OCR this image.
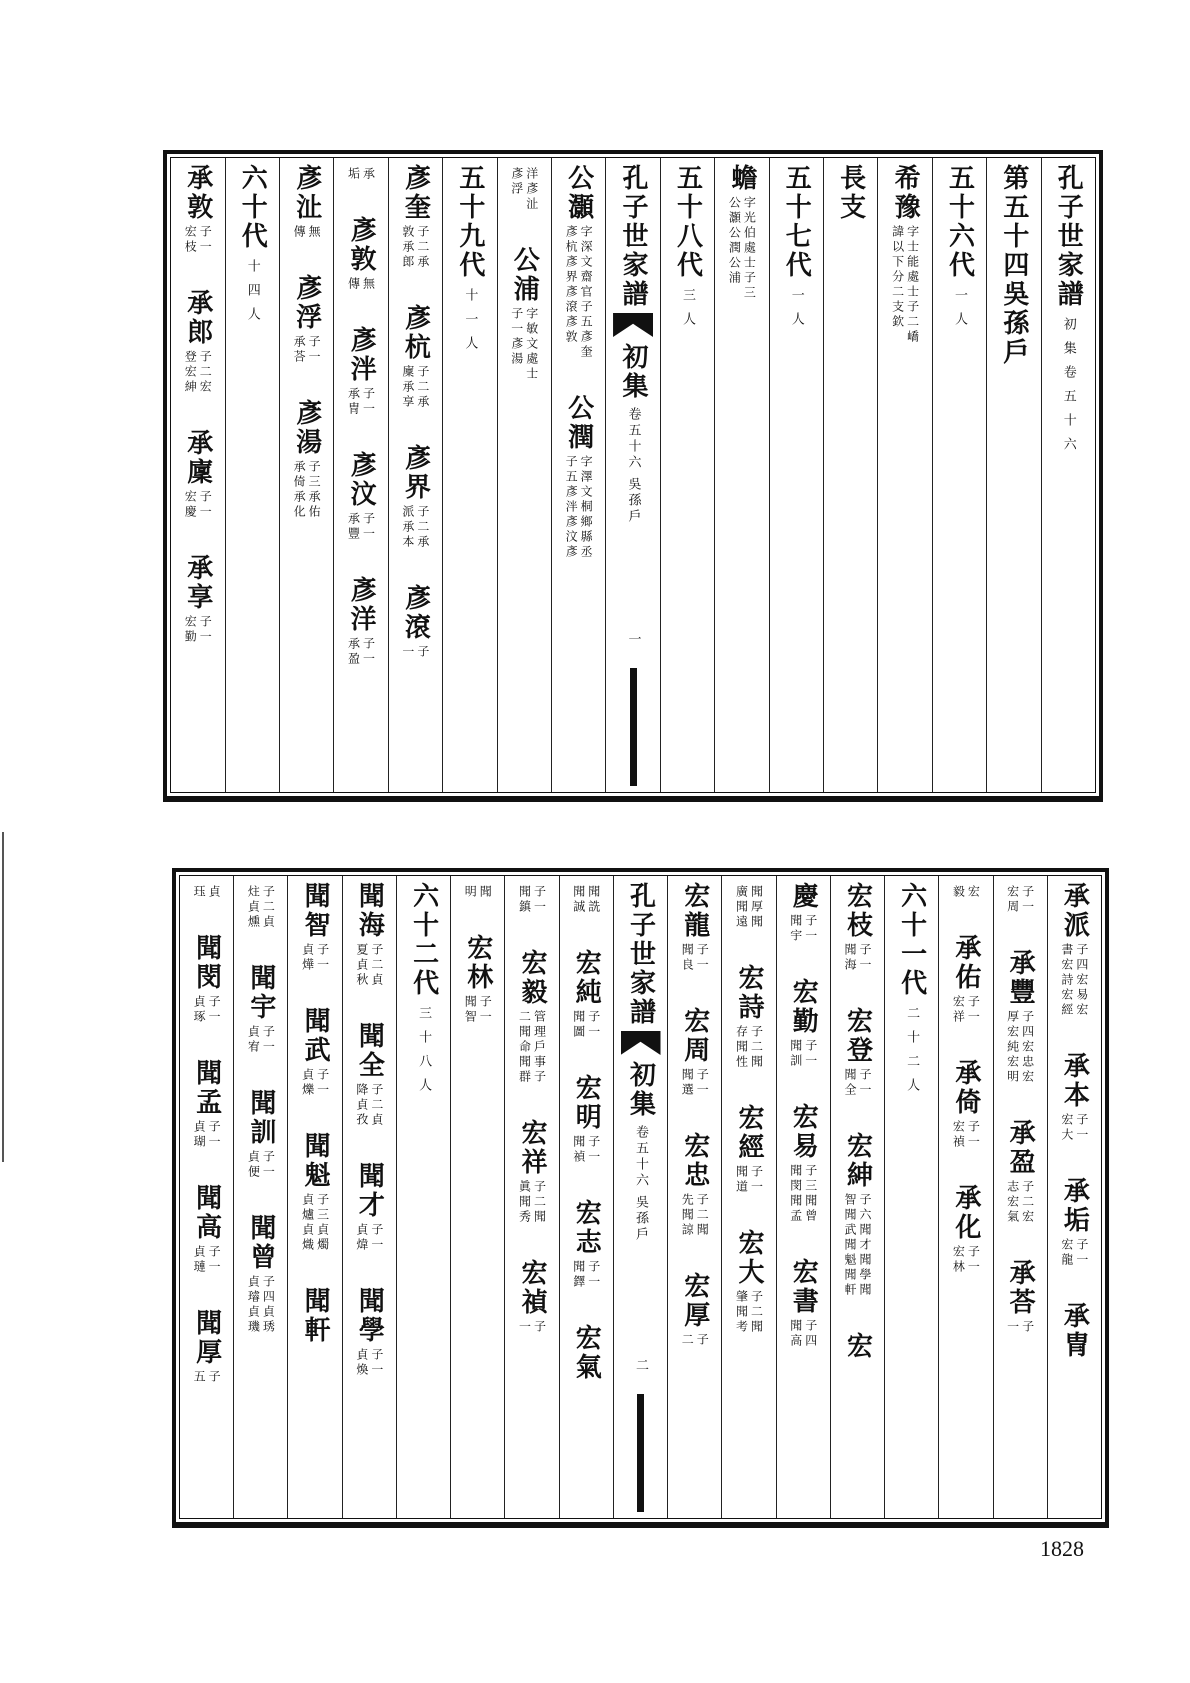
孔子世家譜
初集卷五十六
第五十四吳孫戶
五十六代
一人
希豫
字士能處士子二嶠
諱以下分二支欽
長支
五十七代
一人
蟾
字光伯處士子三
公灝公潤公浦
五十八代
三人
孔子世家譜
初集
卷五十六
吳孫戶
一
公灝
字深文齋官子五彥奎
彥杭彥界彥滾彥敦
公潤
字澤文桐鄉縣丞
子五彥泮彥汶彥
洋彥沚
彥浮
公浦
字敏文處士
子一彥湯
五十九代
十一人
彥奎
子二承
敦承郎
彥杭
子二承
廩承享
彥界
子二承
派承本
彥滾
子
一
承
垢
彥敦
無
傳
彥泮
子一
承冑
彥汶
子一
承豐
彥洋
子一
承盈
彥沚
無
傳
彥浮
子一
承荅
彥湯
子三承佑
承倚承化
六十代
十四人
承敦
子一
宏枝
承郎
子二宏
登宏紳
承廩
子一
宏慶
承享
子一
宏勤
承派
子四宏易宏
書宏詩宏經
承本
子一
宏大
承垢
子一
宏龍
承冑
子一
宏周
承豐
子四宏忠宏
厚宏純宏明
承盈
子二宏
志宏氣
承荅
子
一
宏
毅
承佑
子一
宏祥
承倚
子一
宏禎
承化
子一
宏林
六十一代
二十二人
宏枝
子一
聞海
宏登
子一
聞全
宏紳
子六聞才聞學聞
智聞武聞魁聞軒
宏
慶
子一
聞宇
宏勤
子一
聞訓
宏易
子三聞曾
聞閔聞孟
宏書
子四
聞高
聞厚聞
廣聞遠
宏詩
子二聞
存聞性
宏經
子一
聞道
宏大
子二聞
肇聞考
宏龍
子一
聞良
宏周
子一
聞選
宏忠
子二聞
先聞諒
宏厚
子
二
孔子世家譜
初集
卷五十六
吳孫戶
二
聞詵
聞誠
宏純
子一
聞圖
宏明
子一
聞禎
宏志
子一
聞鐸
宏氣
子一
聞鎮
宏毅
管理戶事子
二聞命聞群
宏祥
子二聞
眞聞秀
宏禎
子
一
聞
明
宏林
子一
聞智
六十二代
三十八人
聞海
子二貞
夏貞秋
聞全
子二貞
降貞孜
聞才
子一
貞煒
聞學
子一
貞煥
聞智
子一
貞燁
聞武
子一
貞爍
聞魁
子三貞燭
貞爐貞熾
聞軒
子二貞
炷貞燻
聞宇
子一
貞宥
聞訓
子一
貞便
聞曾
子四貞琇
貞璿貞璣
貞
珏
聞閔
子一
貞琢
聞孟
子一
貞瑚
聞高
子一
貞璉
聞厚
子
五
1828
